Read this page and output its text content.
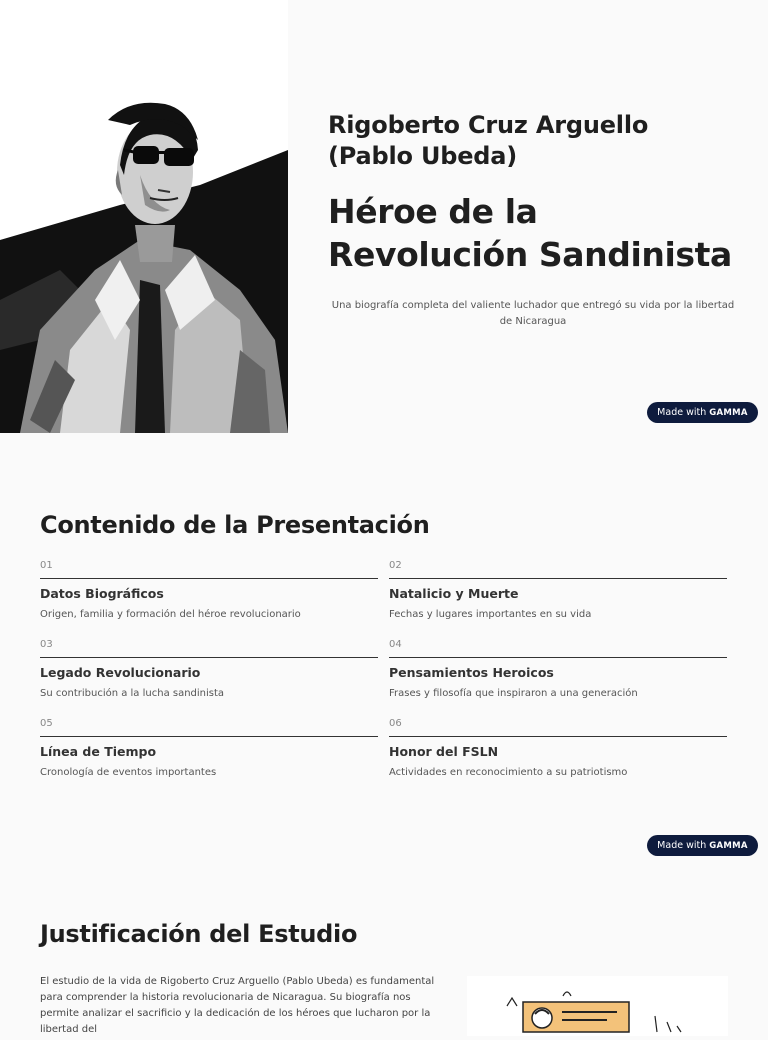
Rigoberto Cruz Arguello (Pablo Ubeda)
Héroe de la Revolución Sandinista

Una biografía completa del valiente luchador que entregó su vida por la libertad de Nicaragua

Made with GAMMA
Contenido de la Presentación
01
Datos Biográficos
Origen, familia y formación del héroe revolucionario
02
Natalicio y Muerte
Fechas y lugares importantes en su vida
03
Legado Revolucionario
Su contribución a la lucha sandinista
04
Pensamientos Heroicos
Frases y filosofía que inspiraron a una generación
05
Línea de Tiempo
Cronología de eventos importantes
06
Honor del FSLN
Actividades en reconocimiento a su patriotismo
Made with GAMMA
Justificación del Estudio

El estudio de la vida de Rigoberto Cruz Arguello (Pablo Ubeda) es fundamental para comprender la historia revolucionaria de Nicaragua. Su biografía nos permite analizar el sacrificio y la dedicación de los héroes que lucharon por la libertad del
